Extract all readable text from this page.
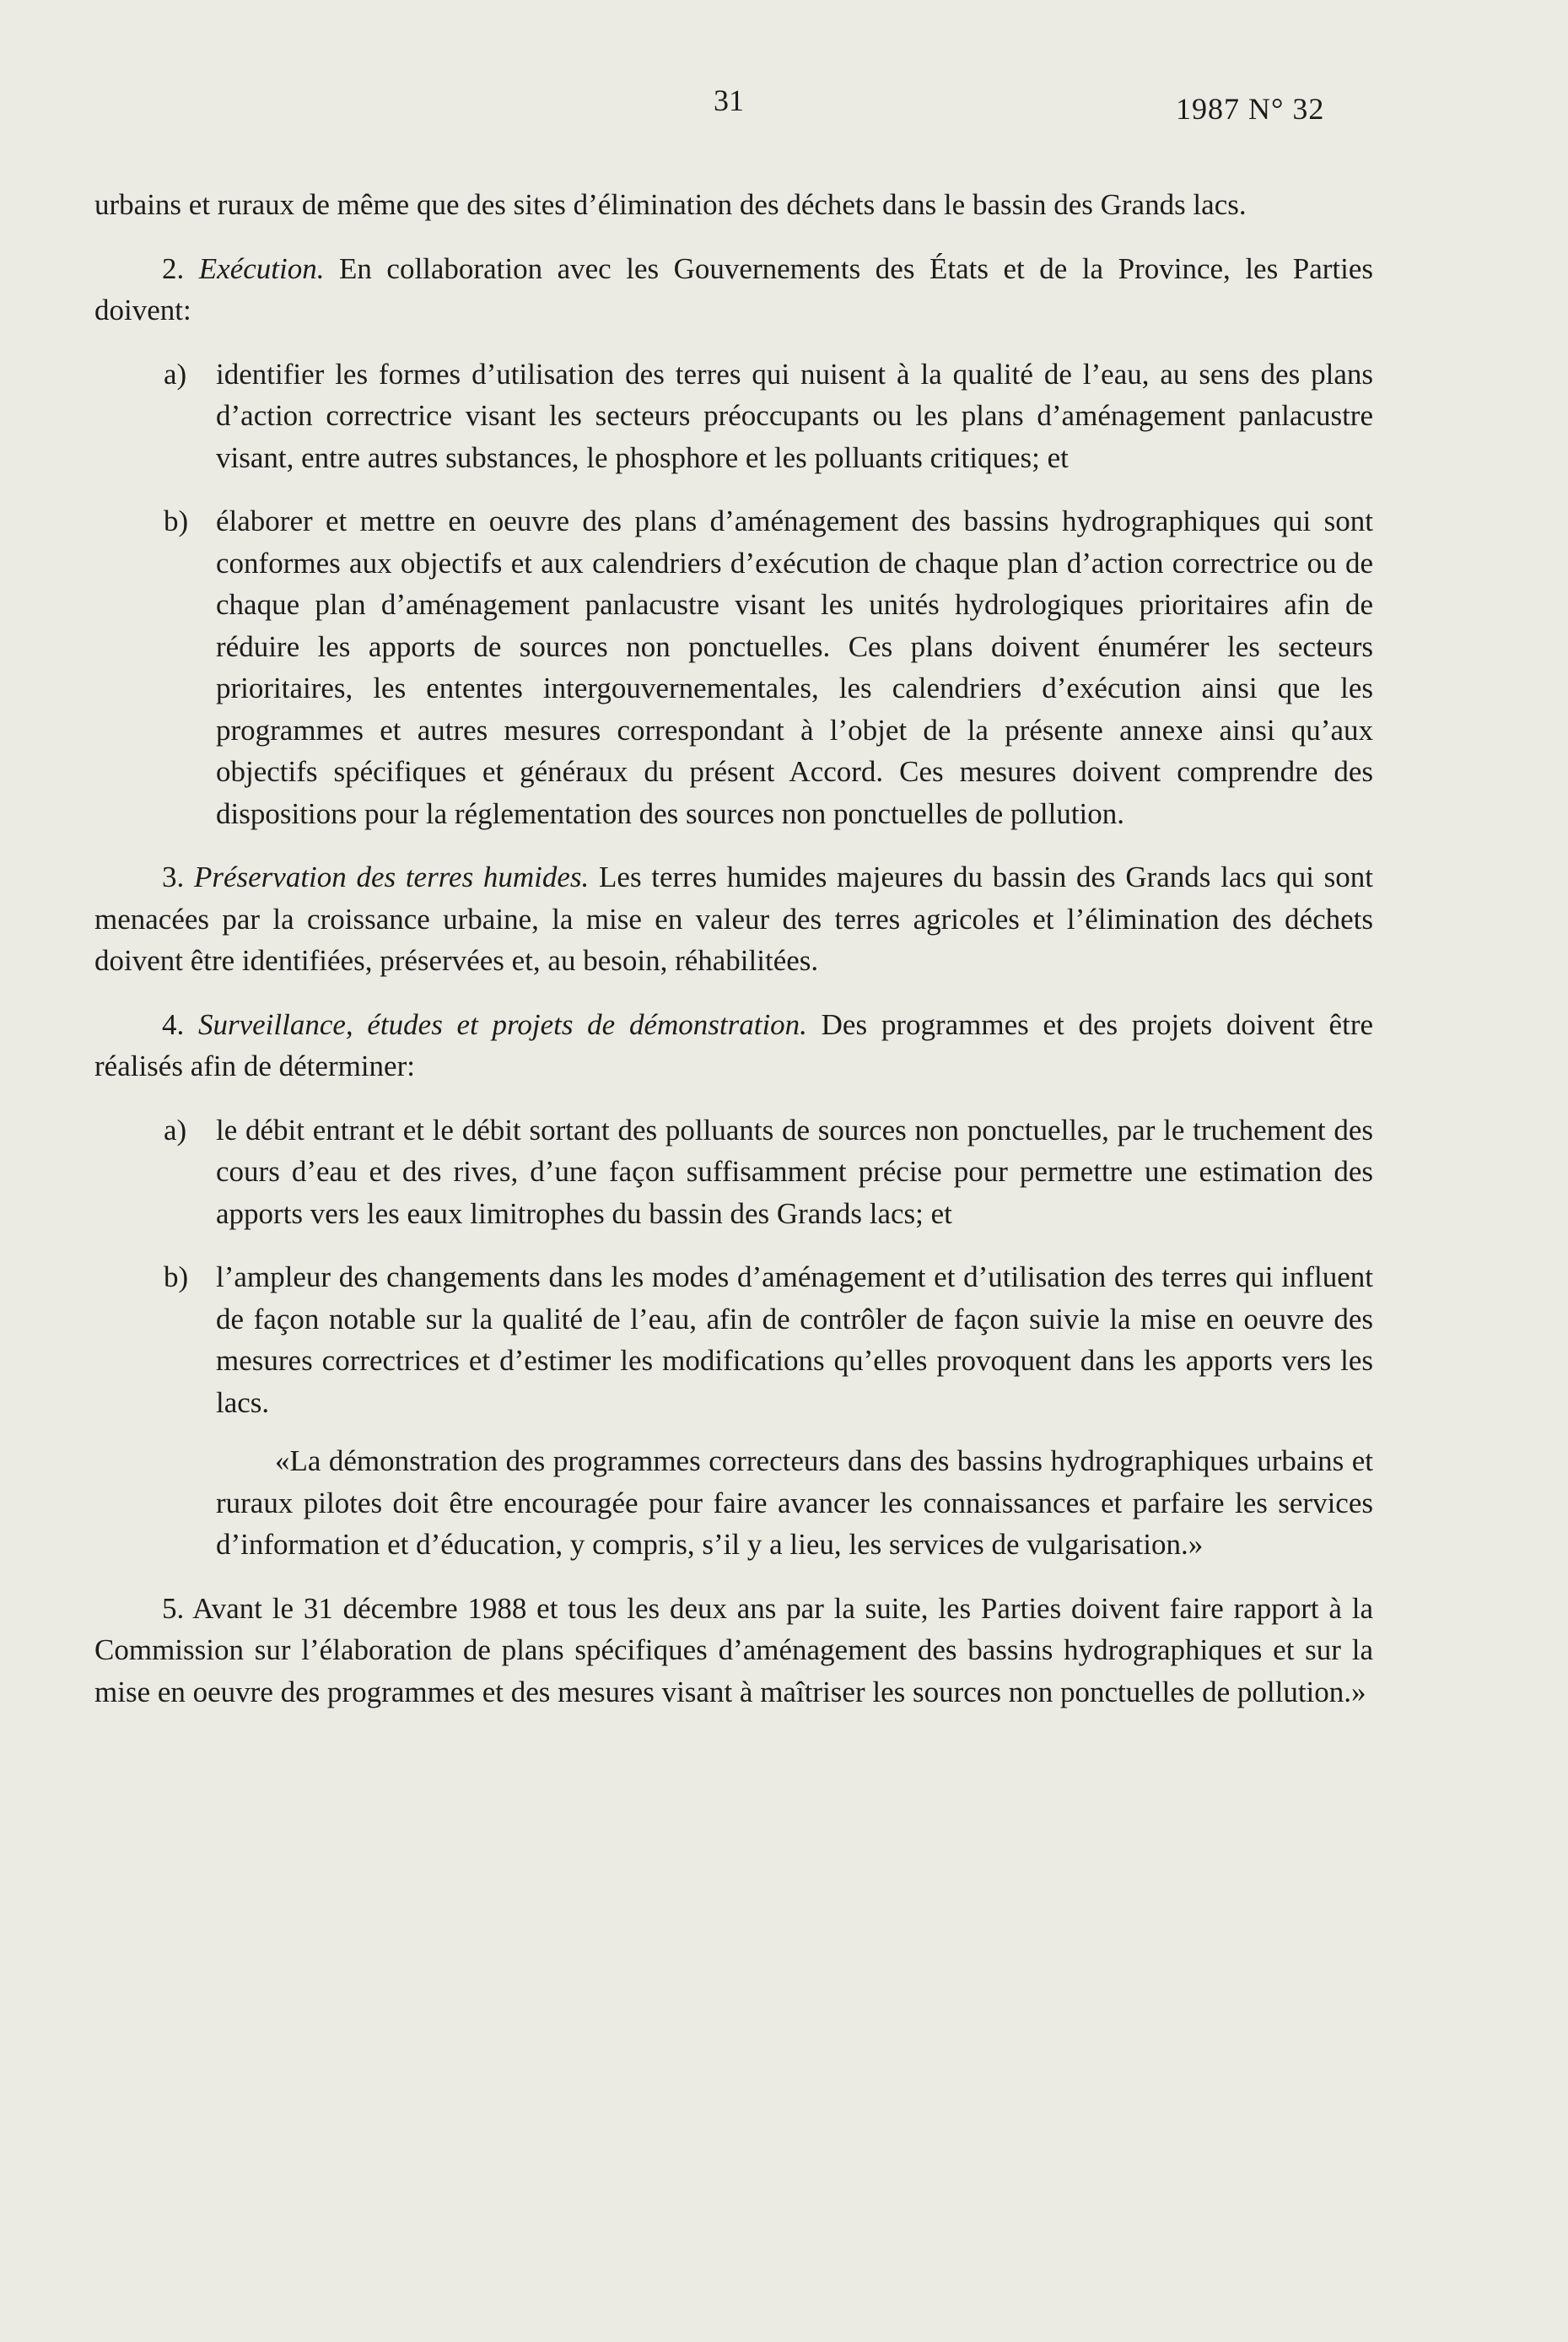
31	1987 N° 32

urbains et ruraux de même que des sites d’élimination des déchets dans le bassin des Grands lacs.

2. Exécution. En collaboration avec les Gouvernements des États et de la Province, les Parties doivent:

a) identifier les formes d’utilisation des terres qui nuisent à la qualité de l’eau, au sens des plans d’action correctrice visant les secteurs préoccupants ou les plans d’aménagement panlacustre visant, entre autres substances, le phosphore et les polluants critiques; et
b) élaborer et mettre en oeuvre des plans d’aménagement des bassins hydrographiques qui sont conformes aux objectifs et aux calendriers d’exécution de chaque plan d’action correctrice ou de chaque plan d’aménagement panlacustre visant les unités hydrologiques prioritaires afin de réduire les apports de sources non ponctuelles. Ces plans doivent énumérer les secteurs prioritaires, les ententes intergouvernementales, les calendriers d’exécution ainsi que les programmes et autres mesures correspondant à l’objet de la présente annexe ainsi qu’aux objectifs spécifiques et généraux du présent Accord. Ces mesures doivent comprendre des dispositions pour la réglementation des sources non ponctuelles de pollution.

3. Préservation des terres humides. Les terres humides majeures du bassin des Grands lacs qui sont menacées par la croissance urbaine, la mise en valeur des terres agricoles et l’élimination des déchets doivent être identifiées, préservées et, au besoin, réhabilitées.

4. Surveillance, études et projets de démonstration. Des programmes et des projets doivent être réalisés afin de déterminer:

a) le débit entrant et le débit sortant des polluants de sources non ponctuelles, par le truchement des cours d’eau et des rives, d’une façon suffisamment précise pour permettre une estimation des apports vers les eaux limitrophes du bassin des Grands lacs; et
b) l’ampleur des changements dans les modes d’aménagement et d’utilisation des terres qui influent de façon notable sur la qualité de l’eau, afin de contrôler de façon suivie la mise en oeuvre des mesures correctrices et d’estimer les modifications qu’elles provoquent dans les apports vers les lacs.
«La démonstration des programmes correcteurs dans des bassins hydrographiques urbains et ruraux pilotes doit être encouragée pour faire avancer les connaissances et parfaire les services d’information et d’éducation, y compris, s’il y a lieu, les services de vulgarisation.»

5. Avant le 31 décembre 1988 et tous les deux ans par la suite, les Parties doivent faire rapport à la Commission sur l’élaboration de plans spécifiques d’aménagement des bassins hydrographiques et sur la mise en oeuvre des programmes et des mesures visant à maîtriser les sources non ponctuelles de pollution.»
